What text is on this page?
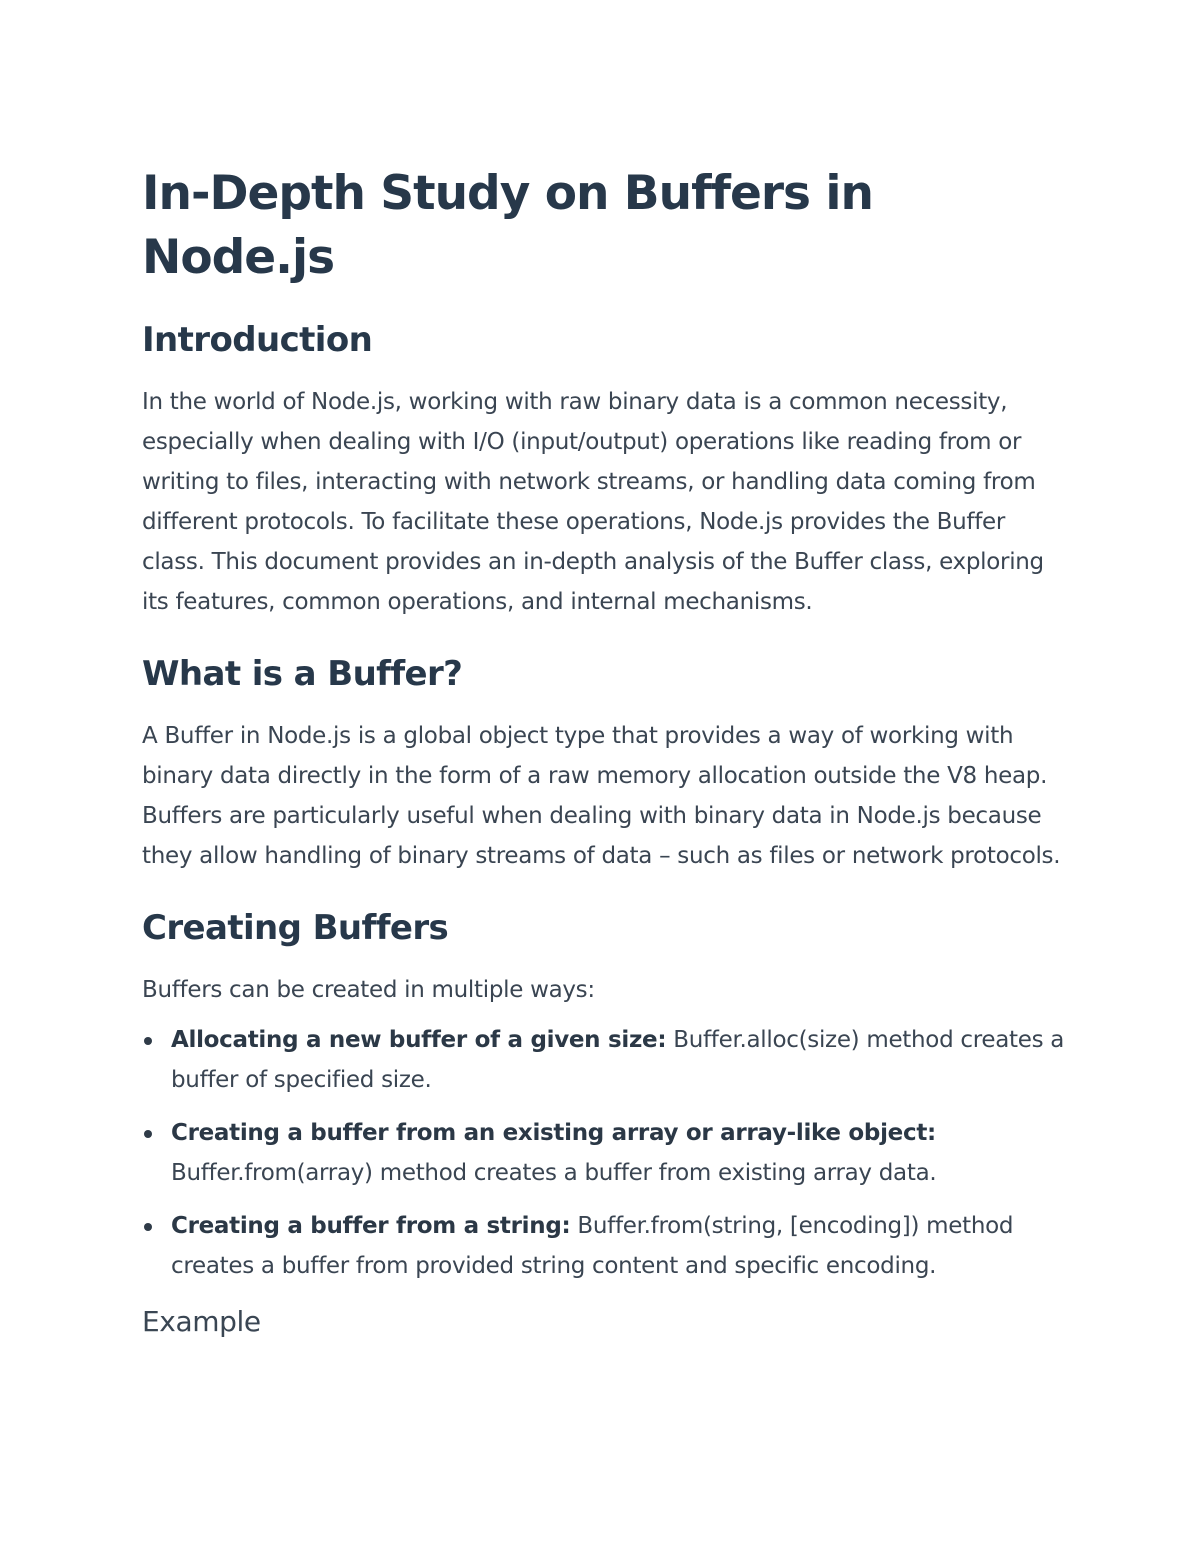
In-Depth Study on Buffers in Node.js
Introduction

In the world of Node.js, working with raw binary data is a common necessity, especially when dealing with I/O (input/output) operations like reading from or writing to files, interacting with network streams, or handling data coming from different protocols. To facilitate these operations, Node.js provides the Buffer class. This document provides an in-depth analysis of the Buffer class, exploring its features, common operations, and internal mechanisms.

What is a Buffer?

A Buffer in Node.js is a global object type that provides a way of working with binary data directly in the form of a raw memory allocation outside the V8 heap. Buffers are particularly useful when dealing with binary data in Node.js because they allow handling of binary streams of data – such as files or network protocols.

Creating Buffers

Buffers can be created in multiple ways:

Allocating a new buffer of a given size: Buffer.alloc(size) method creates a buffer of specified size.
Creating a buffer from an existing array or array-like object: Buffer.from(array) method creates a buffer from existing array data.
Creating a buffer from a string: Buffer.from(string, [encoding]) method creates a buffer from provided string content and specific encoding.
Example
